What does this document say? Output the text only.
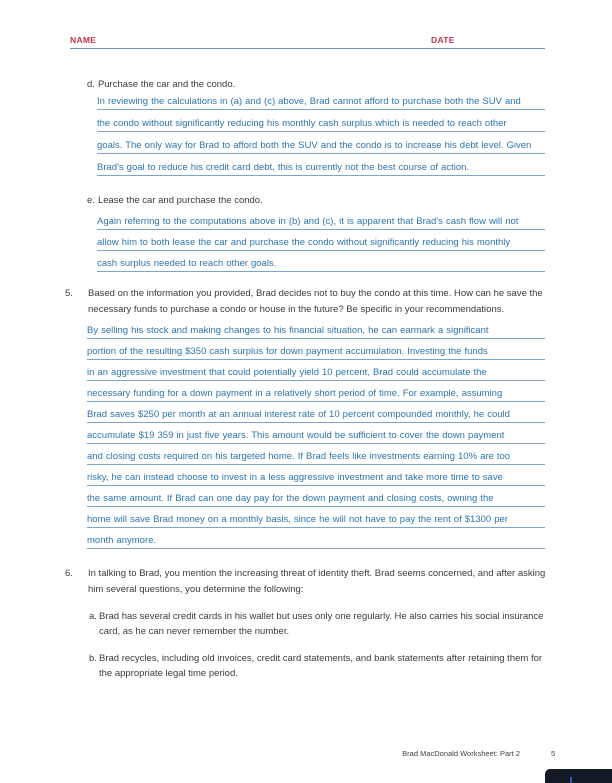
NAME	DATE
d. Purchase the car and the condo.
In reviewing the calculations in (a) and (c) above, Brad cannot afford to purchase both the SUV and
the condo without significantly reducing his monthly cash surplus which is needed to reach other
goals. The only way for Brad to afford both the SUV and the condo is to increase his debt level. Given
Brad's goal to reduce his credit card debt, this is currently not the best course of action.
e. Lease the car and purchase the condo.
Again referring to the computations above in (b) and (c), it is apparent that Brad's cash flow will not
allow him to both lease the car and purchase the condo without significantly reducing his monthly
cash surplus needed to reach other goals.
5.	Based on the information you provided, Brad decides not to buy the condo at this time. How can he save the necessary funds to purchase a condo or house in the future? Be specific in your recommendations.
By selling his stock and making changes to his financial situation, he can earmark a significant
portion of the resulting $350 cash surplus for down payment accumulation. Investing the funds
in an aggressive investment that could potentially yield 10 percent, Brad could accumulate the
necessary funding for a down payment in a relatively short period of time. For example, assuming
Brad saves $250 per month at an annual interest rate of 10 percent compounded monthly, he could
accumulate $19 359 in just five years. This amount would be sufficient to cover the down payment
and closing costs required on his targeted home. If Brad feels like investments earning 10% are too
risky, he can instead choose to invest in a less aggressive investment and take more time to save
the same amount. If Brad can one day pay for the down payment and closing costs, owning the
home will save Brad money on a monthly basis, since he will not have to pay the rent of $1300 per
month anymore.
6.	In talking to Brad, you mention the increasing threat of identity theft. Brad seems concerned, and after asking him several questions, you determine the following:
a. Brad has several credit cards in his wallet but uses only one regularly. He also carries his social insurance card, as he can never remember the number.
b. Brad recycles, including old invoices, credit card statements, and bank statements after retaining them for the appropriate legal time period.
Brad MacDonald Worksheet: Part 2	5
